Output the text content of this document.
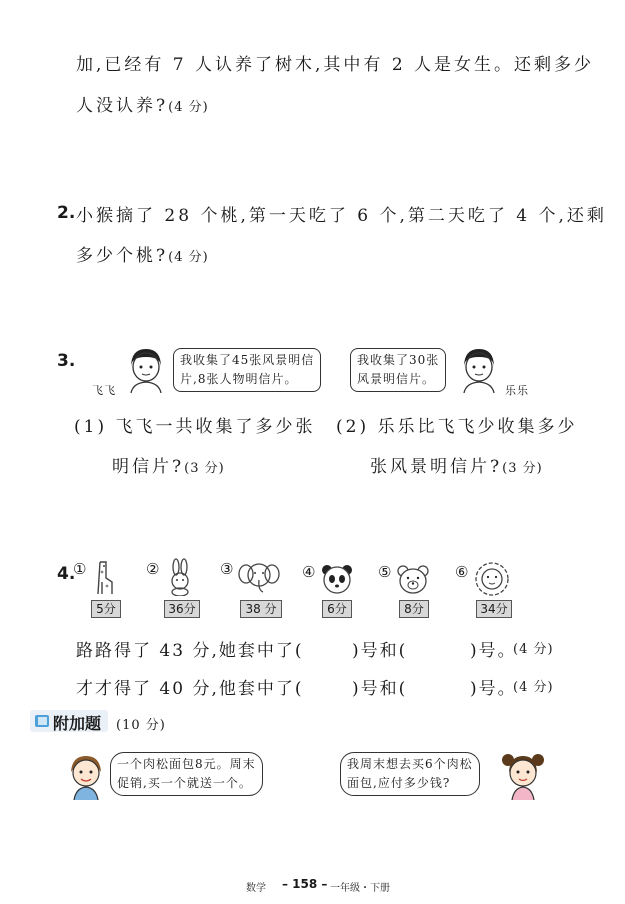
加,已经有 7 人认养了树木,其中有 2 人是女生。还剩多少
人没认养?(4 分)
2. 小猴摘了 28 个桃,第一天吃了 6 个,第二天吃了 4 个,还剩
多少个桃?(4 分)
3.
飞飞
我收集了45张风景明信
片,8张人物明信片。
我收集了30张
风景明信片。
乐乐
(1) 飞飞一共收集了多少张
明信片?(3 分)
(2) 乐乐比飞飞少收集多少
张风景明信片?(3 分)
4.
①	②	③	④	⑤	⑥
5分	36分	38 分	6分	8分	34分
路路得了 43 分,她套中了(	)号和(	)号。
(4 分)
才才得了 40 分,他套中了(	)号和(	)号。
(4 分)
附加题 (10 分)
一个肉松面包8元。周末
促销,买一个就送一个。
我周末想去买6个肉松
面包,应付多少钱?
数学 – 158 – 一年级・下册
